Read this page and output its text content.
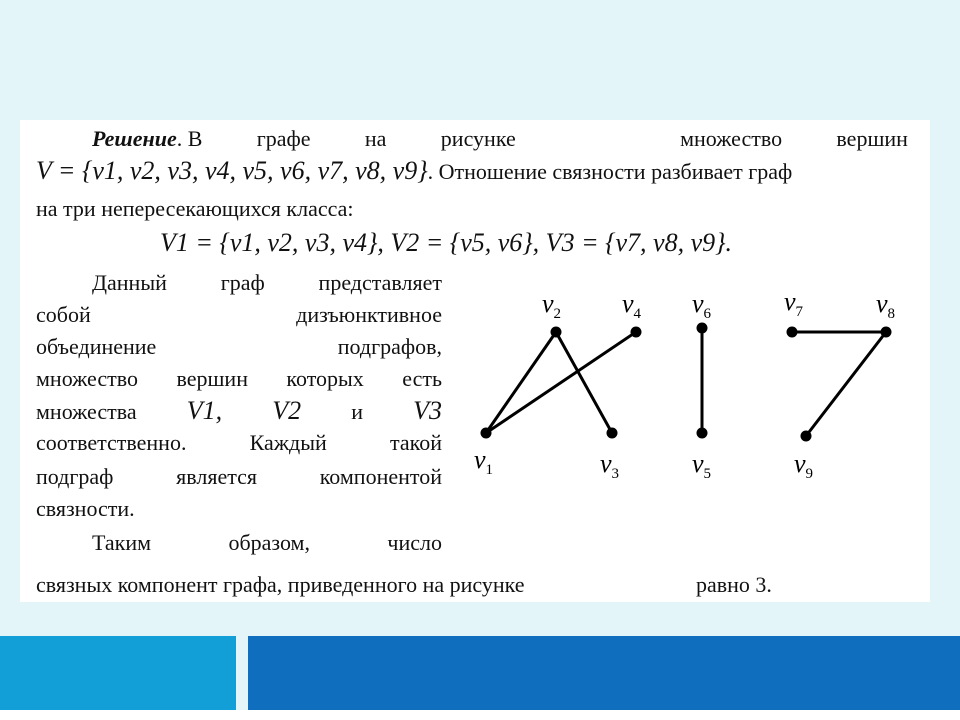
Решение. В графе на рисунке	множество вершин
V = {v1, v2, v3, v4, v5, v6, v7, v8, v9}. Отношение связности разбивает граф
на три непересекающихся класса:
V1 = {v1, v2, v3, v4}, V2 = {v5, v6}, V3 = {v7, v8, v9}.
Данный граф представляет
собой	дизъюнктивное
объединение	подграфов,
множество вершин которых есть
множества V1, V2 и V3
соответственно.	Каждый	такой
подграф	является	компонентой
связности.
Таким	образом,	число
связных компонент графа, приведенного на рисунке	равно 3.
$v_1$
$v_2$
$v_3$
$v_4$
$v_5$
$v_6$	$v_7$	$v_8$
$v_9$
